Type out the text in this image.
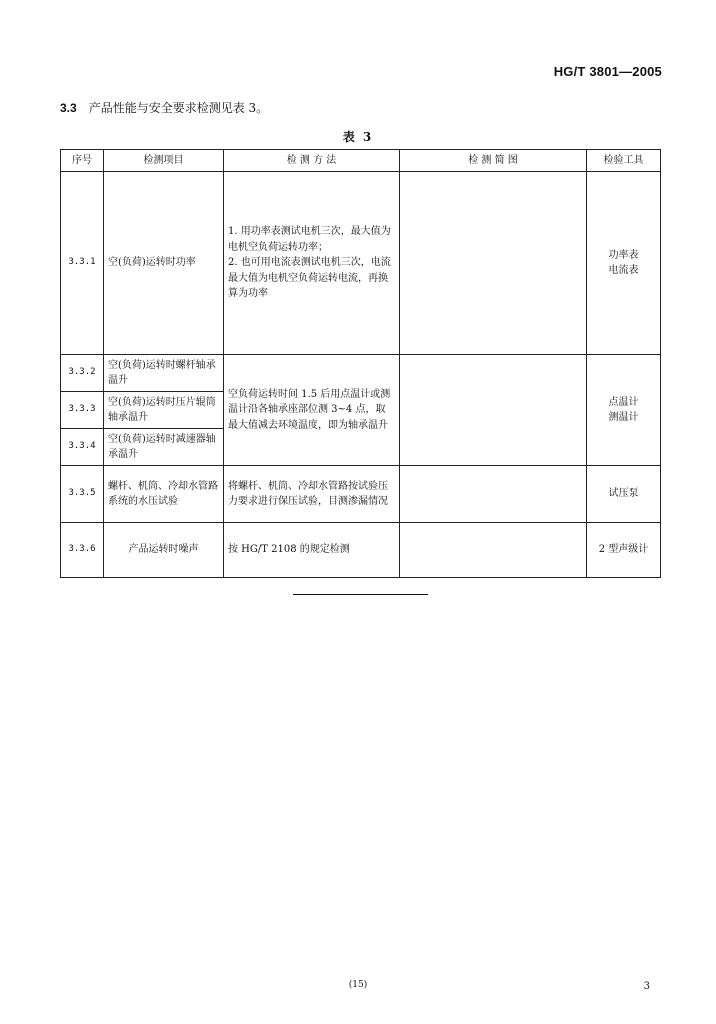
HG/T 3801—2005
3.3 产品性能与安全要求检测见表 3。
表 3
序号	检测项目	检 测 方 法	检 测 简 图	检验工具
3.3.1	空(负荷)运转时功率	1. 用功率表测试电机三次，最大值为电机空负荷运转功率；
2. 也可用电流表测试电机三次，电流最大值为电机空负荷运转电流，再换算为功率		功率表
电流表
3.3.2	空(负荷)运转时螺杆轴承温升	空负荷运转时间 1.5 后用点温计或测温计沿各轴承座部位测 3~4 点，取最大值减去环境温度，即为轴承温升		点温计
测温计
3.3.3	空(负荷)运转时压片辊筒轴承温升			
3.3.4	空(负荷)运转时减速器轴承温升			
3.3.5	螺杆、机筒、冷却水管路系统的水压试验	将螺杆、机筒、冷却水管路按试验压力要求进行保压试验，目测渗漏情况		试压泵
3.3.6	产品运转时噪声	按 HG/T 2108 的规定检测		2 型声级计
(15)	3
